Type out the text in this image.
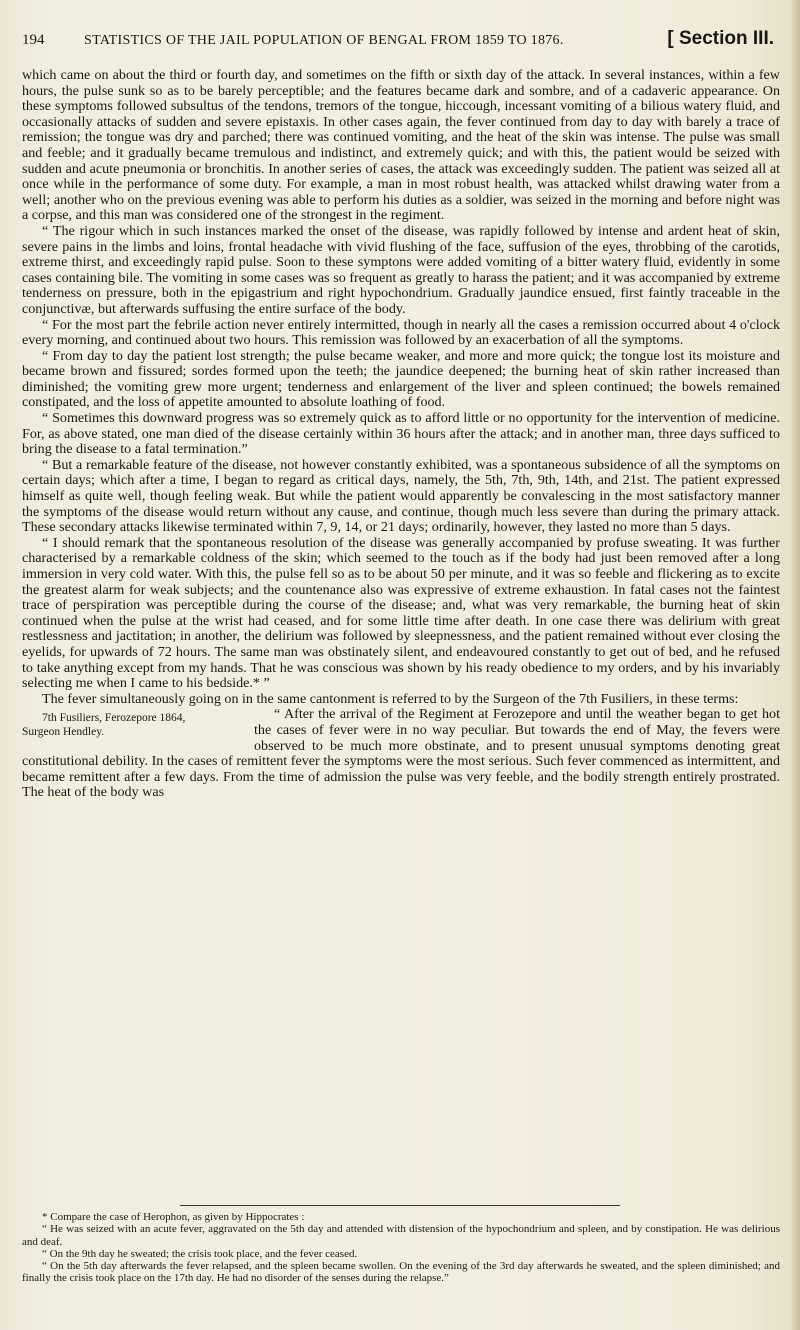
194	STATISTICS OF THE JAIL POPULATION OF BENGAL FROM 1859 TO 1876.	[ Section III.

which came on about the third or fourth day, and sometimes on the fifth or sixth day of the attack. In several instances, within a few hours, the pulse sunk so as to be barely perceptible; and the features became dark and sombre, and of a cadaveric appearance. On these symptoms followed subsultus of the tendons, tremors of the tongue, hiccough, incessant vomiting of a bilious watery fluid, and occasionally attacks of sudden and severe epistaxis. In other cases again, the fever continued from day to day with barely a trace of remission; the tongue was dry and parched; there was continued vomiting, and the heat of the skin was intense. The pulse was small and feeble; and it gradually became tremulous and indistinct, and extremely quick; and with this, the patient would be seized with sudden and acute pneumonia or bronchitis. In another series of cases, the attack was exceedingly sudden. The patient was seized all at once while in the performance of some duty. For example, a man in most robust health, was attacked whilst drawing water from a well; another who on the previous evening was able to perform his duties as a soldier, was seized in the morning and before night was a corpse, and this man was considered one of the strongest in the regiment.

“ The rigour which in such instances marked the onset of the disease, was rapidly followed by intense and ardent heat of skin, severe pains in the limbs and loins, frontal headache with vivid flushing of the face, suffusion of the eyes, throbbing of the carotids, extreme thirst, and exceedingly rapid pulse. Soon to these symptons were added vomiting of a bitter watery fluid, evidently in some cases containing bile. The vomiting in some cases was so frequent as greatly to harass the patient; and it was accompanied by extreme tenderness on pressure, both in the epigastrium and right hypochondrium. Gradually jaundice ensued, first faintly traceable in the conjunctivæ, but afterwards suffusing the entire surface of the body.

“ For the most part the febrile action never entirely intermitted, though in nearly all the cases a remission occurred about 4 o'clock every morning, and continued about two hours. This remission was followed by an exacerbation of all the symptoms.

“ From day to day the patient lost strength; the pulse became weaker, and more and more quick; the tongue lost its moisture and became brown and fissured; sordes formed upon the teeth; the jaundice deepened; the burning heat of skin rather increased than diminished; the vomiting grew more urgent; tenderness and enlargement of the liver and spleen continued; the bowels remained constipated, and the loss of appetite amounted to absolute loathing of food.

“ Sometimes this downward progress was so extremely quick as to afford little or no opportunity for the intervention of medicine. For, as above stated, one man died of the disease certainly within 36 hours after the attack; and in another man, three days sufficed to bring the disease to a fatal termination.”

“ But a remarkable feature of the disease, not however constantly exhibited, was a spontaneous subsidence of all the symptoms on certain days; which after a time, I began to regard as critical days, namely, the 5th, 7th, 9th, 14th, and 21st. The patient expressed himself as quite well, though feeling weak. But while the patient would apparently be convalescing in the most satisfactory manner the symptoms of the disease would return without any cause, and continue, though much less severe than during the primary attack. These secondary attacks likewise terminated within 7, 9, 14, or 21 days; ordinarily, however, they lasted no more than 5 days.

“ I should remark that the spontaneous resolution of the disease was generally accompanied by profuse sweating. It was further characterised by a remarkable coldness of the skin; which seemed to the touch as if the body had just been removed after a long immersion in very cold water. With this, the pulse fell so as to be about 50 per minute, and it was so feeble and flickering as to excite the greatest alarm for weak subjects; and the countenance also was expressive of extreme exhaustion. In fatal cases not the faintest trace of perspiration was perceptible during the course of the disease; and, what was very remarkable, the burning heat of skin continued when the pulse at the wrist had ceased, and for some little time after death. In one case there was delirium with great restlessness and jactitation; in another, the delirium was followed by sleepnessness, and the patient remained without ever closing the eyelids, for upwards of 72 hours. The same man was obstinately silent, and endeavoured constantly to get out of bed, and he refused to take anything except from my hands. That he was conscious was shown by his ready obedience to my orders, and by his invariably selecting me when I came to his bedside.* ”

The fever simultaneously going on in the same cantonment is referred to by the Surgeon of the 7th Fusiliers, in these terms:

7th Fusiliers, Ferozepore 1864,
Surgeon Hendley.
“ After the arrival of the Regiment at Ferozepore and until the weather began to get hot the cases of fever were in no way peculiar. But towards the end of May, the fevers were observed to be much more obstinate, and to present unusual symptoms denoting great constitutional debility. In the cases of remittent fever the symptoms were the most serious. Such fever commenced as intermittent, and became remittent after a few days. From the time of admission the pulse was very feeble, and the bodily strength entirely prostrated. The heat of the body was

* Compare the case of Herophon, as given by Hippocrates :

“ He was seized with an acute fever, aggravated on the 5th day and attended with distension of the hypochondrium and spleen, and by constipation. He was delirious and deaf.

“ On the 9th day he sweated; the crisis took place, and the fever ceased.

“ On the 5th day afterwards the fever relapsed, and the spleen became swollen. On the evening of the 3rd day afterwards he sweated, and the spleen diminished; and finally the crisis took place on the 17th day. He had no disorder of the senses during the relapse.”
